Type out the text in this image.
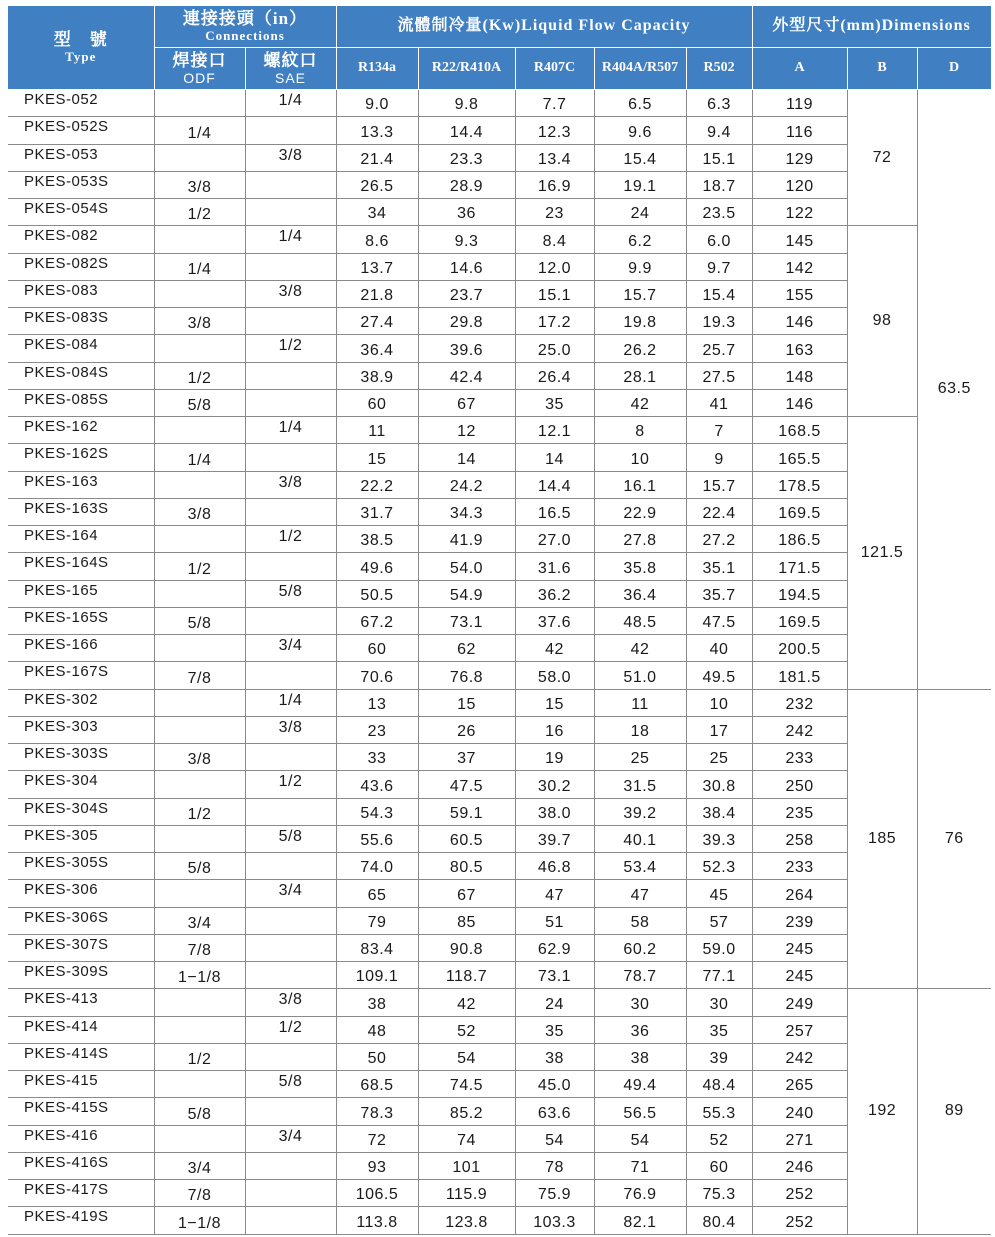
型　號
Type	連接接頭（in）
Connections		流體制冷量(Kw)Liquid Flow Capacity					外型尺寸(mm)Dimensions		
	焊接口
ODF	螺紋口
SAE	R134a	R22/R410A	R407C	R404A/R507	R502	A	B	D
PKES-052		1/4	9.0	9.8	7.7	6.5	6.3	119	72	63.5
PKES-052S	1/4		13.3	14.4	12.3	9.6	9.4	116		
PKES-053		3/8	21.4	23.3	13.4	15.4	15.1	129		
PKES-053S	3/8		26.5	28.9	16.9	19.1	18.7	120		
PKES-054S	1/2		34	36	23	24	23.5	122		
PKES-082		1/4	8.6	9.3	8.4	6.2	6.0	145	98	
PKES-082S	1/4		13.7	14.6	12.0	9.9	9.7	142		
PKES-083		3/8	21.8	23.7	15.1	15.7	15.4	155		
PKES-083S	3/8		27.4	29.8	17.2	19.8	19.3	146		
PKES-084		1/2	36.4	39.6	25.0	26.2	25.7	163		
PKES-084S	1/2		38.9	42.4	26.4	28.1	27.5	148		
PKES-085S	5/8		60	67	35	42	41	146		
PKES-162		1/4	11	12	12.1	8	7	168.5	121.5	
PKES-162S	1/4		15	14	14	10	9	165.5		
PKES-163		3/8	22.2	24.2	14.4	16.1	15.7	178.5		
PKES-163S	3/8		31.7	34.3	16.5	22.9	22.4	169.5		
PKES-164		1/2	38.5	41.9	27.0	27.8	27.2	186.5		
PKES-164S	1/2		49.6	54.0	31.6	35.8	35.1	171.5		
PKES-165		5/8	50.5	54.9	36.2	36.4	35.7	194.5		
PKES-165S	5/8		67.2	73.1	37.6	48.5	47.5	169.5		
PKES-166		3/4	60	62	42	42	40	200.5		
PKES-167S	7/8		70.6	76.8	58.0	51.0	49.5	181.5		
PKES-302		1/4	13	15	15	11	10	232	185	76
PKES-303		3/8	23	26	16	18	17	242		
PKES-303S	3/8		33	37	19	25	25	233		
PKES-304		1/2	43.6	47.5	30.2	31.5	30.8	250		
PKES-304S	1/2		54.3	59.1	38.0	39.2	38.4	235		
PKES-305		5/8	55.6	60.5	39.7	40.1	39.3	258		
PKES-305S	5/8		74.0	80.5	46.8	53.4	52.3	233		
PKES-306		3/4	65	67	47	47	45	264		
PKES-306S	3/4		79	85	51	58	57	239		
PKES-307S	7/8		83.4	90.8	62.9	60.2	59.0	245		
PKES-309S	1−1/8		109.1	118.7	73.1	78.7	77.1	245		
PKES-413		3/8	38	42	24	30	30	249	192	89
PKES-414		1/2	48	52	35	36	35	257		
PKES-414S	1/2		50	54	38	38	39	242		
PKES-415		5/8	68.5	74.5	45.0	49.4	48.4	265		
PKES-415S	5/8		78.3	85.2	63.6	56.5	55.3	240		
PKES-416		3/4	72	74	54	54	52	271		
PKES-416S	3/4		93	101	78	71	60	246		
PKES-417S	7/8		106.5	115.9	75.9	76.9	75.3	252		
PKES-419S	1−1/8		113.8	123.8	103.3	82.1	80.4	252		
